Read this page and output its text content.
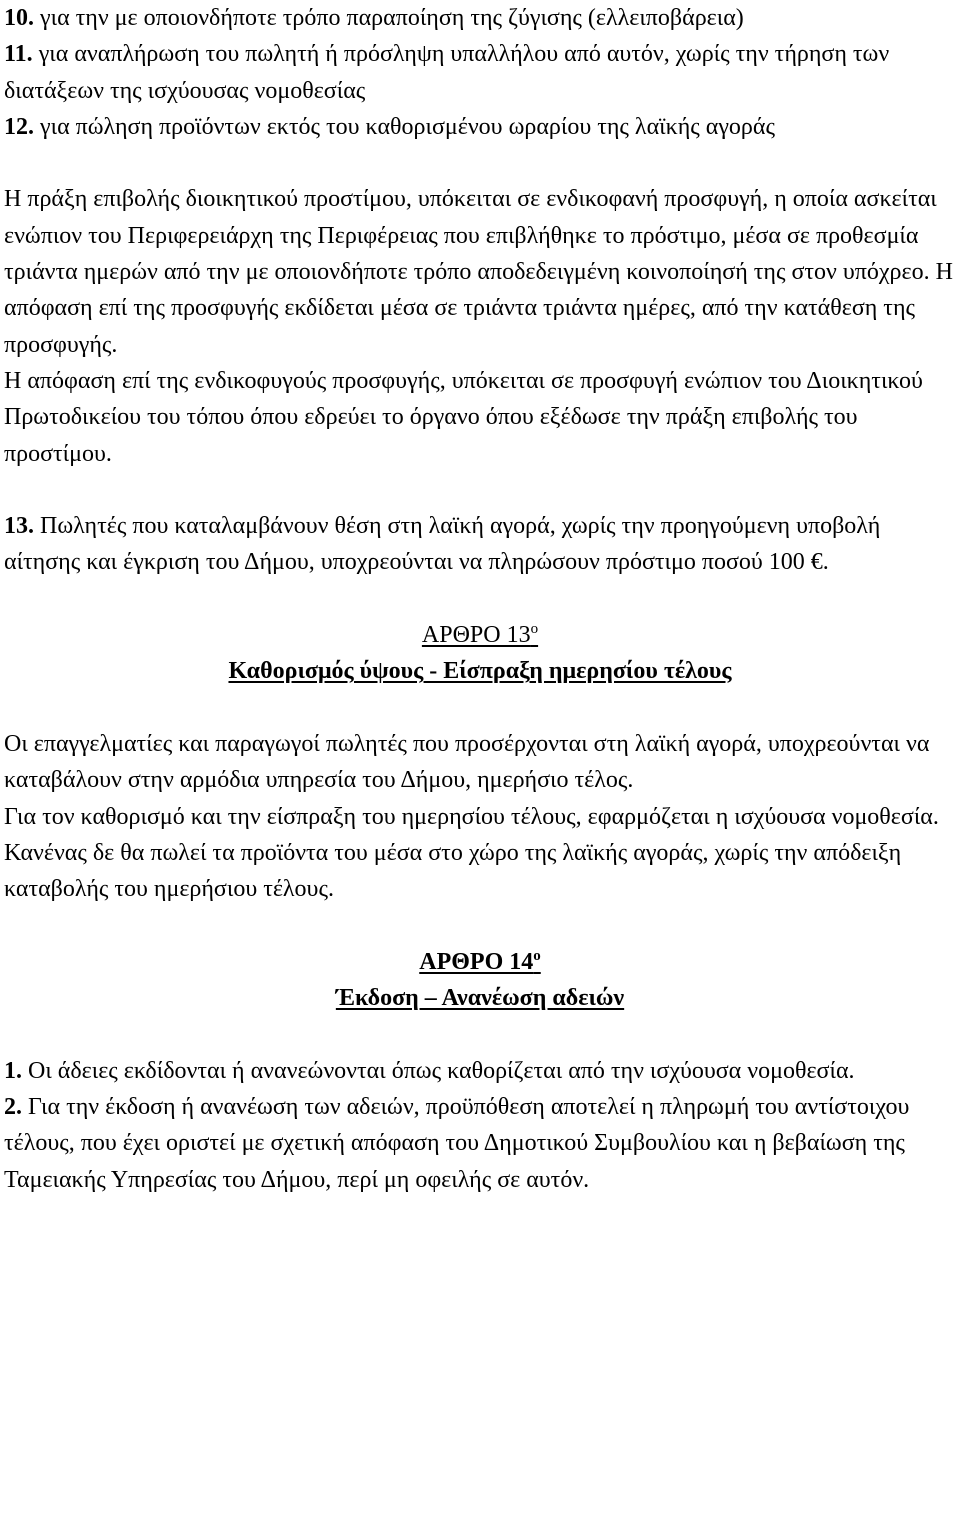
10. για την με οποιονδήποτε τρόπο παραποίηση της ζύγισης (ελλειποβάρεια)

11. για αναπλήρωση του πωλητή ή πρόσληψη υπαλλήλου από αυτόν, χωρίς την τήρηση των διατάξεων της ισχύουσας νομοθεσίας

12. για πώληση προϊόντων εκτός του καθορισμένου ωραρίου της λαϊκής αγοράς

Η πράξη επιβολής διοικητικού προστίμου, υπόκειται σε ενδικοφανή προσφυγή, η οποία ασκείται ενώπιον του Περιφερειάρχη της Περιφέρειας που επιβλήθηκε το πρόστιμο, μέσα σε προθεσμία τριάντα ημερών από την με οποιονδήποτε τρόπο αποδεδειγμένη κοινοποίησή της στον υπόχρεο. Η απόφαση επί της προσφυγής εκδίδεται μέσα σε τριάντα τριάντα ημέρες, από την κατάθεση της προσφυγής.

Η απόφαση επί της ενδικοφυγούς προσφυγής, υπόκειται σε προσφυγή ενώπιον του Διοικητικού Πρωτοδικείου του τόπου όπου εδρεύει το όργανο όπου εξέδωσε την πράξη επιβολής του προστίμου.

13. Πωλητές που καταλαμβάνουν θέση στη λαϊκή αγορά, χωρίς την προηγούμενη υποβολή αίτησης και έγκριση του Δήμου, υποχρεούνται να πληρώσουν πρόστιμο ποσού 100 €.

ΑΡΘΡΟ $13^o$

Καθορισμός ύψους - Είσπραξη ημερησίου τέλους

Οι επαγγελματίες και παραγωγοί πωλητές που προσέρχονται στη λαϊκή αγορά, υποχρεούνται να καταβάλουν στην αρμόδια υπηρεσία του Δήμου, ημερήσιο τέλος.

Για τον καθορισμό και την είσπραξη του ημερησίου τέλους, εφαρμόζεται η ισχύουσα νομοθεσία.

Κανένας δε θα πωλεί τα προϊόντα του μέσα στο χώρο της λαϊκής αγοράς, χωρίς την απόδειξη καταβολής του ημερήσιου τέλους.

ΑΡΘΡΟ $14^o$

Έκδοση – Ανανέωση αδειών

1. Οι άδειες εκδίδονται ή ανανεώνονται όπως καθορίζεται από την ισχύουσα νομοθεσία.

2. Για την έκδοση ή ανανέωση των αδειών, προϋπόθεση αποτελεί η πληρωμή του αντίστοιχου τέλους, που έχει οριστεί με σχετική απόφαση του Δημοτικού Συμβουλίου και η βεβαίωση της Ταμειακής Υπηρεσίας του Δήμου, περί μη οφειλής σε αυτόν.
